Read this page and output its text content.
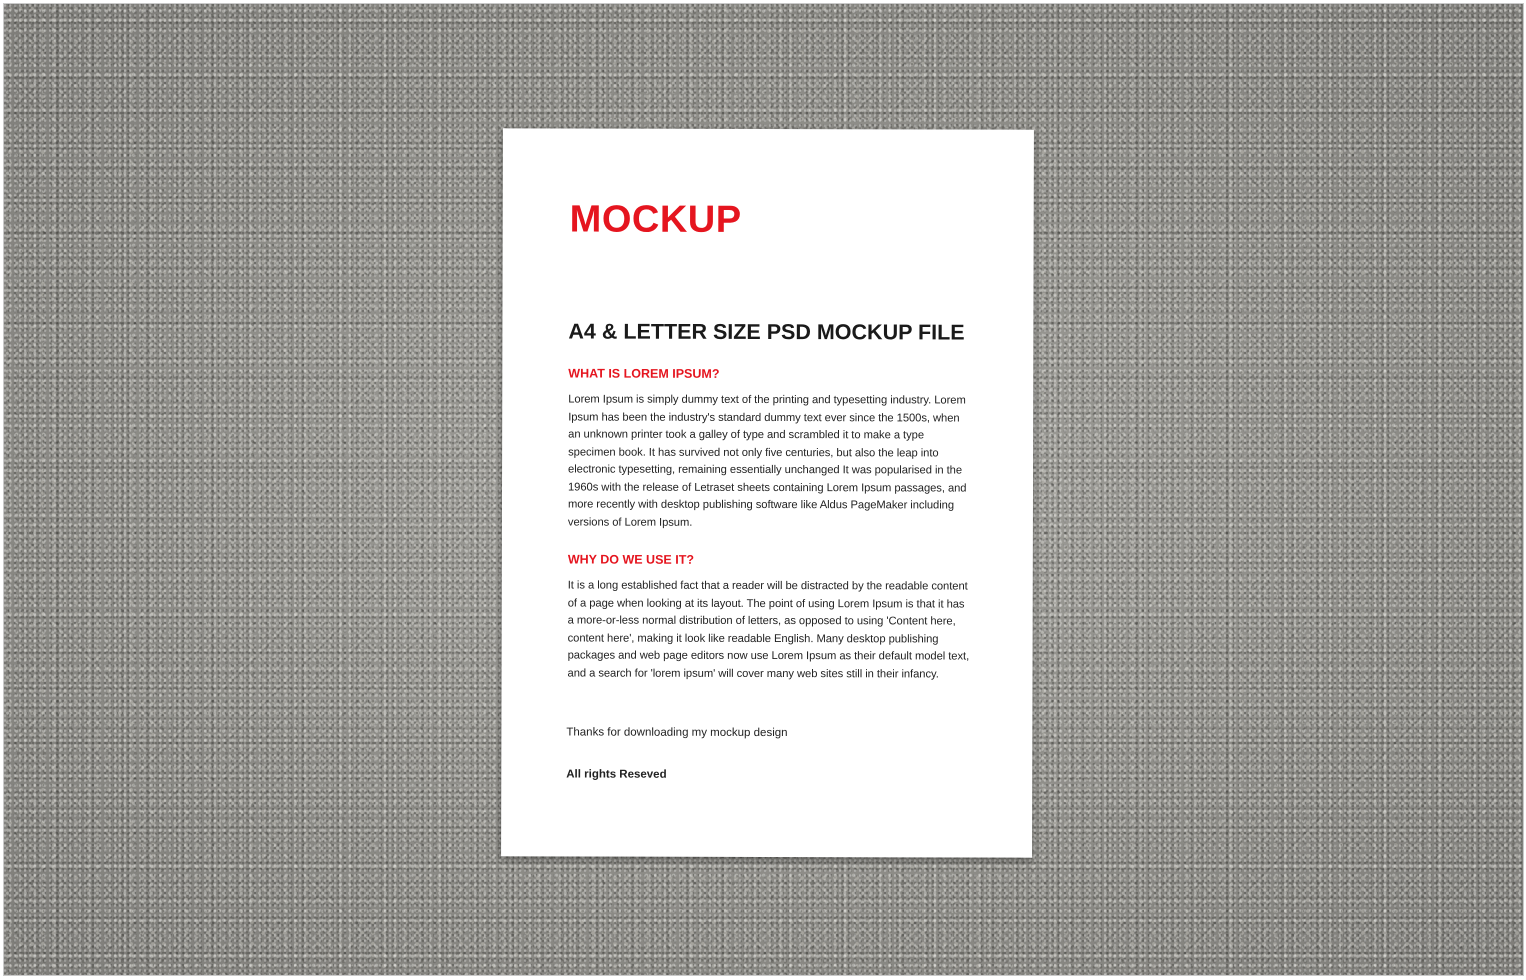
MOCKUP
A4 & LETTER SIZE PSD MOCKUP FILE
WHAT IS LOREM IPSUM?

Lorem Ipsum is simply dummy text of the printing and typesetting industry. Lorem Ipsum has been the industry's standard dummy text ever since the 1500s, when an unknown printer took a galley of type and scrambled it to make a type specimen book. It has survived not only five centuries, but also the leap into electronic typesetting, remaining essentially unchanged It was popularised in the 1960s with the release of Letraset sheets containing Lorem Ipsum passages, and more recently with desktop publishing software like Aldus PageMaker including versions of Lorem Ipsum.

WHY DO WE USE IT?

It is a long established fact that a reader will be distracted by the readable content of a page when looking at its layout. The point of using Lorem Ipsum is that it has a more-or-less normal distribution of letters, as opposed to using 'Content here, content here', making it look like readable English. Many desktop publishing packages and web page editors now use Lorem Ipsum as their default model text, and a search for 'lorem ipsum' will cover many web sites still in their infancy.

Thanks for downloading my mockup design

All rights Reseved
